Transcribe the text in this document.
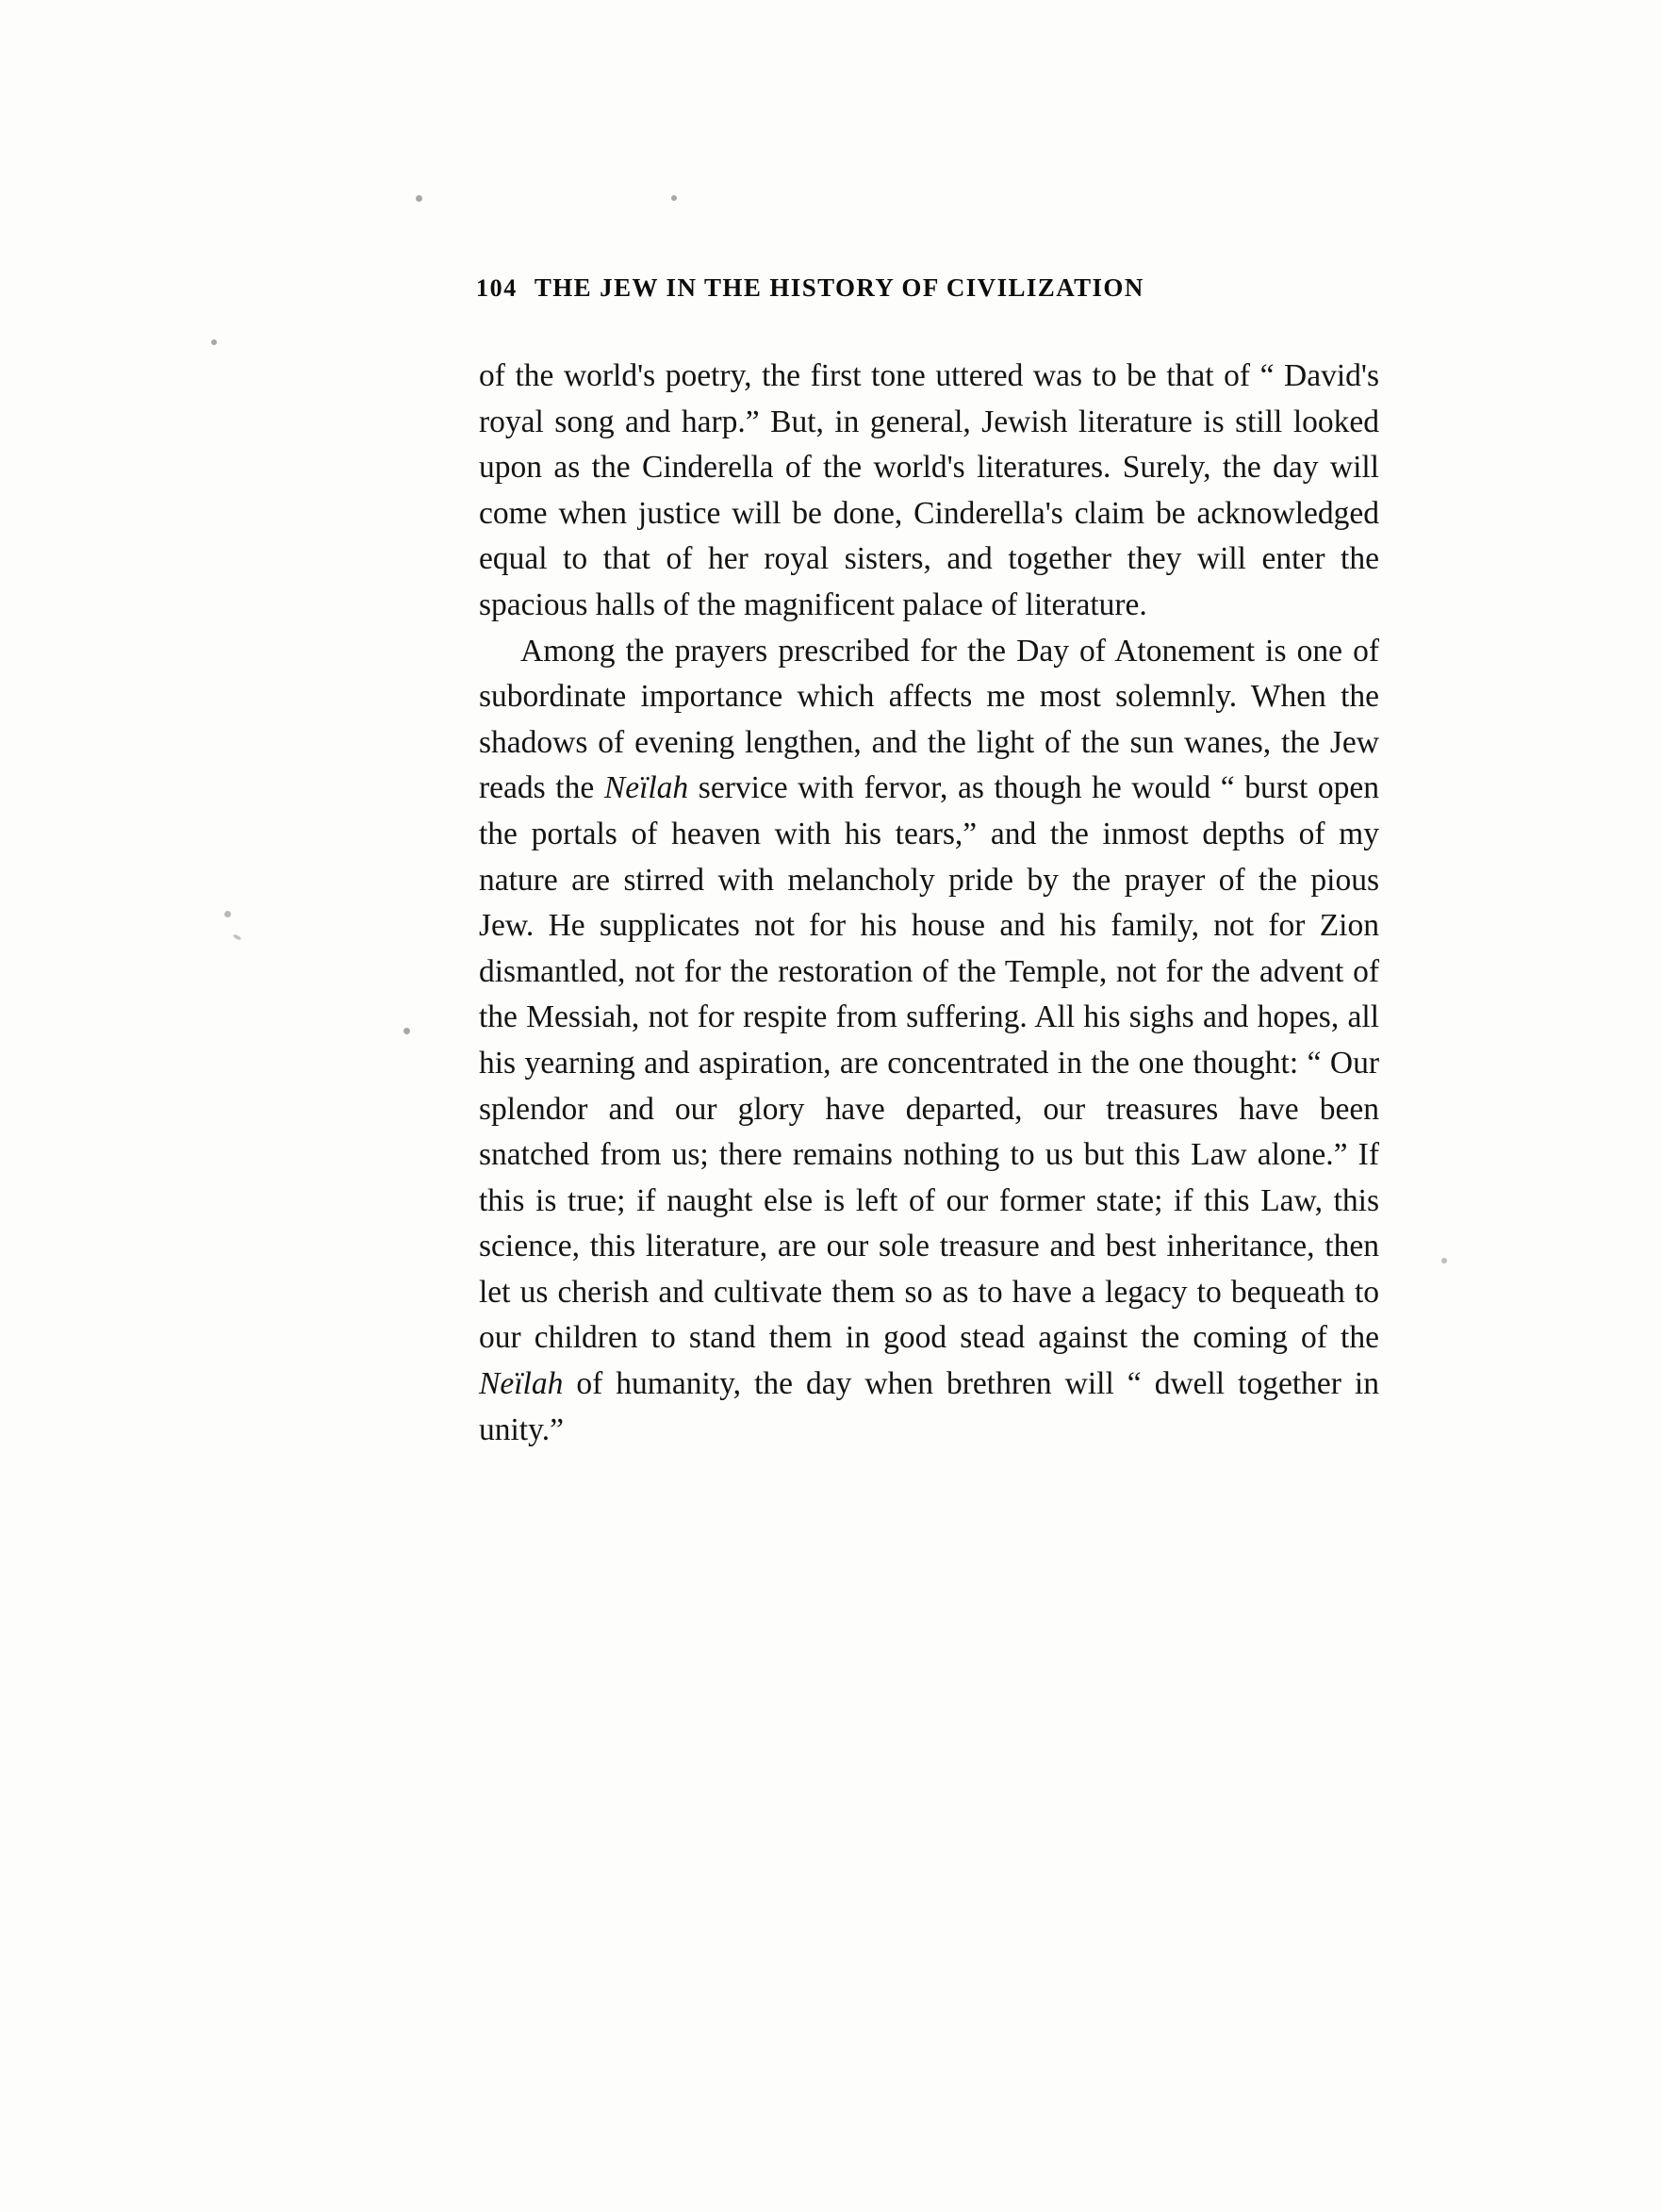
104 THE JEW IN THE HISTORY OF CIVILIZATION

of the world's poetry, the first tone uttered was to be that of “ David's royal song and harp.” But, in general, Jewish literature is still looked upon as the Cinderella of the world's literatures. Surely, the day will come when justice will be done, Cinderella's claim be acknowledged equal to that of her royal sisters, and together they will enter the spacious halls of the magnificent palace of literature.

Among the prayers prescribed for the Day of Atonement is one of subordinate importance which affects me most solemnly. When the shadows of evening lengthen, and the light of the sun wanes, the Jew reads the Neïlah service with fervor, as though he would “ burst open the portals of heaven with his tears,” and the inmost depths of my nature are stirred with melancholy pride by the prayer of the pious Jew. He supplicates not for his house and his family, not for Zion dismantled, not for the restoration of the Temple, not for the advent of the Messiah, not for respite from suffering. All his sighs and hopes, all his yearning and aspiration, are concentrated in the one thought: “ Our splendor and our glory have departed, our treasures have been snatched from us; there remains nothing to us but this Law alone.” If this is true; if naught else is left of our former state; if this Law, this science, this literature, are our sole treasure and best inheritance, then let us cherish and cultivate them so as to have a legacy to bequeath to our children to stand them in good stead against the coming of the Neïlah of humanity, the day when brethren will “ dwell together in unity.”
